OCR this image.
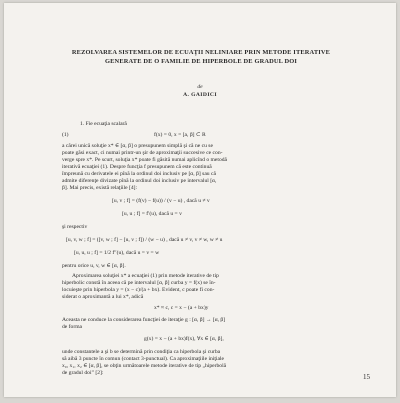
REZOLVAREA SISTEMELOR DE ECUAŢII NELINIARE PRIN METODE ITERATIVE GENERATE DE O FAMILIE DE HIPERBOLE DE GRADUL DOI
de
A. GAIDICI
1. Fie ecuaţia scalară
(1)	f(x) = 0, x = [a, β] ⊂ R
a cărei unică soluţie x* ∈ [α, β] o presupunem simplă şi că ne cu se
poate găsi exact, ci numai printr-un şir de aproximaţii succesive ce con-
verge spre x*. Pe scurt, soluţia x* poate fi găsită numai aplicînd o metodă
iterativă ecuaţiei (1). Despre funcţia f presupunem că este continuă
împreună cu derivatele ei pînă la ordinul doi inclusiv pe [α, β] sau că
admite diferenţe divizate pînă la ordinul doi inclusiv pe intervalul [α,
β]. Mai precis, există relaţiile [4]:
[u, v ; f] = (f(v) − f(u)) / (v − u) , dacă u ≠ v
[u, u ; f] = f′(u), dacă u = v
şi respectiv
[u, v, w ; f] = ([v, w ; f] − [u, v ; f]) / (w − u) , dacă u ≠ v, v ≠ w, w ≠ u
[u, u, u ; f] = 1/2 f″(u), dacă u = v = w
pentru orice u, v, w ∈ [α, β].
Aproximarea soluţiei x* a ecuaţiei (1) prin metode iterative de tip
hiperbolic constă în aceea că pe intervalul [α, β] curba y = f(x) se în-
locuieşte prin hiperbola y = (x − c)/(a + bx). Evident, c poate fi con-
siderat o aproximantă a lui x*, adică
x* ≈ c, c = x − (a + bx)y
Aceasta ne conduce la considerarea funcţiei de iteraţie g : [α, β] → [α, β]
de forma
g(x) = x − (a + bx)f(x), ∀x ∈ [α, β],
unde constantele a şi b se determină prin condiţia ca hiperbola şi curba
să aibă 3 puncte în comun (contact 3-punctual). Ca aproximaţiile iniţiale
x₀, x₁, x₂ ∈ [α, β], se obţin următoarele metode iterative de tip „hiperbolă
de gradul doi” [2]:	15
